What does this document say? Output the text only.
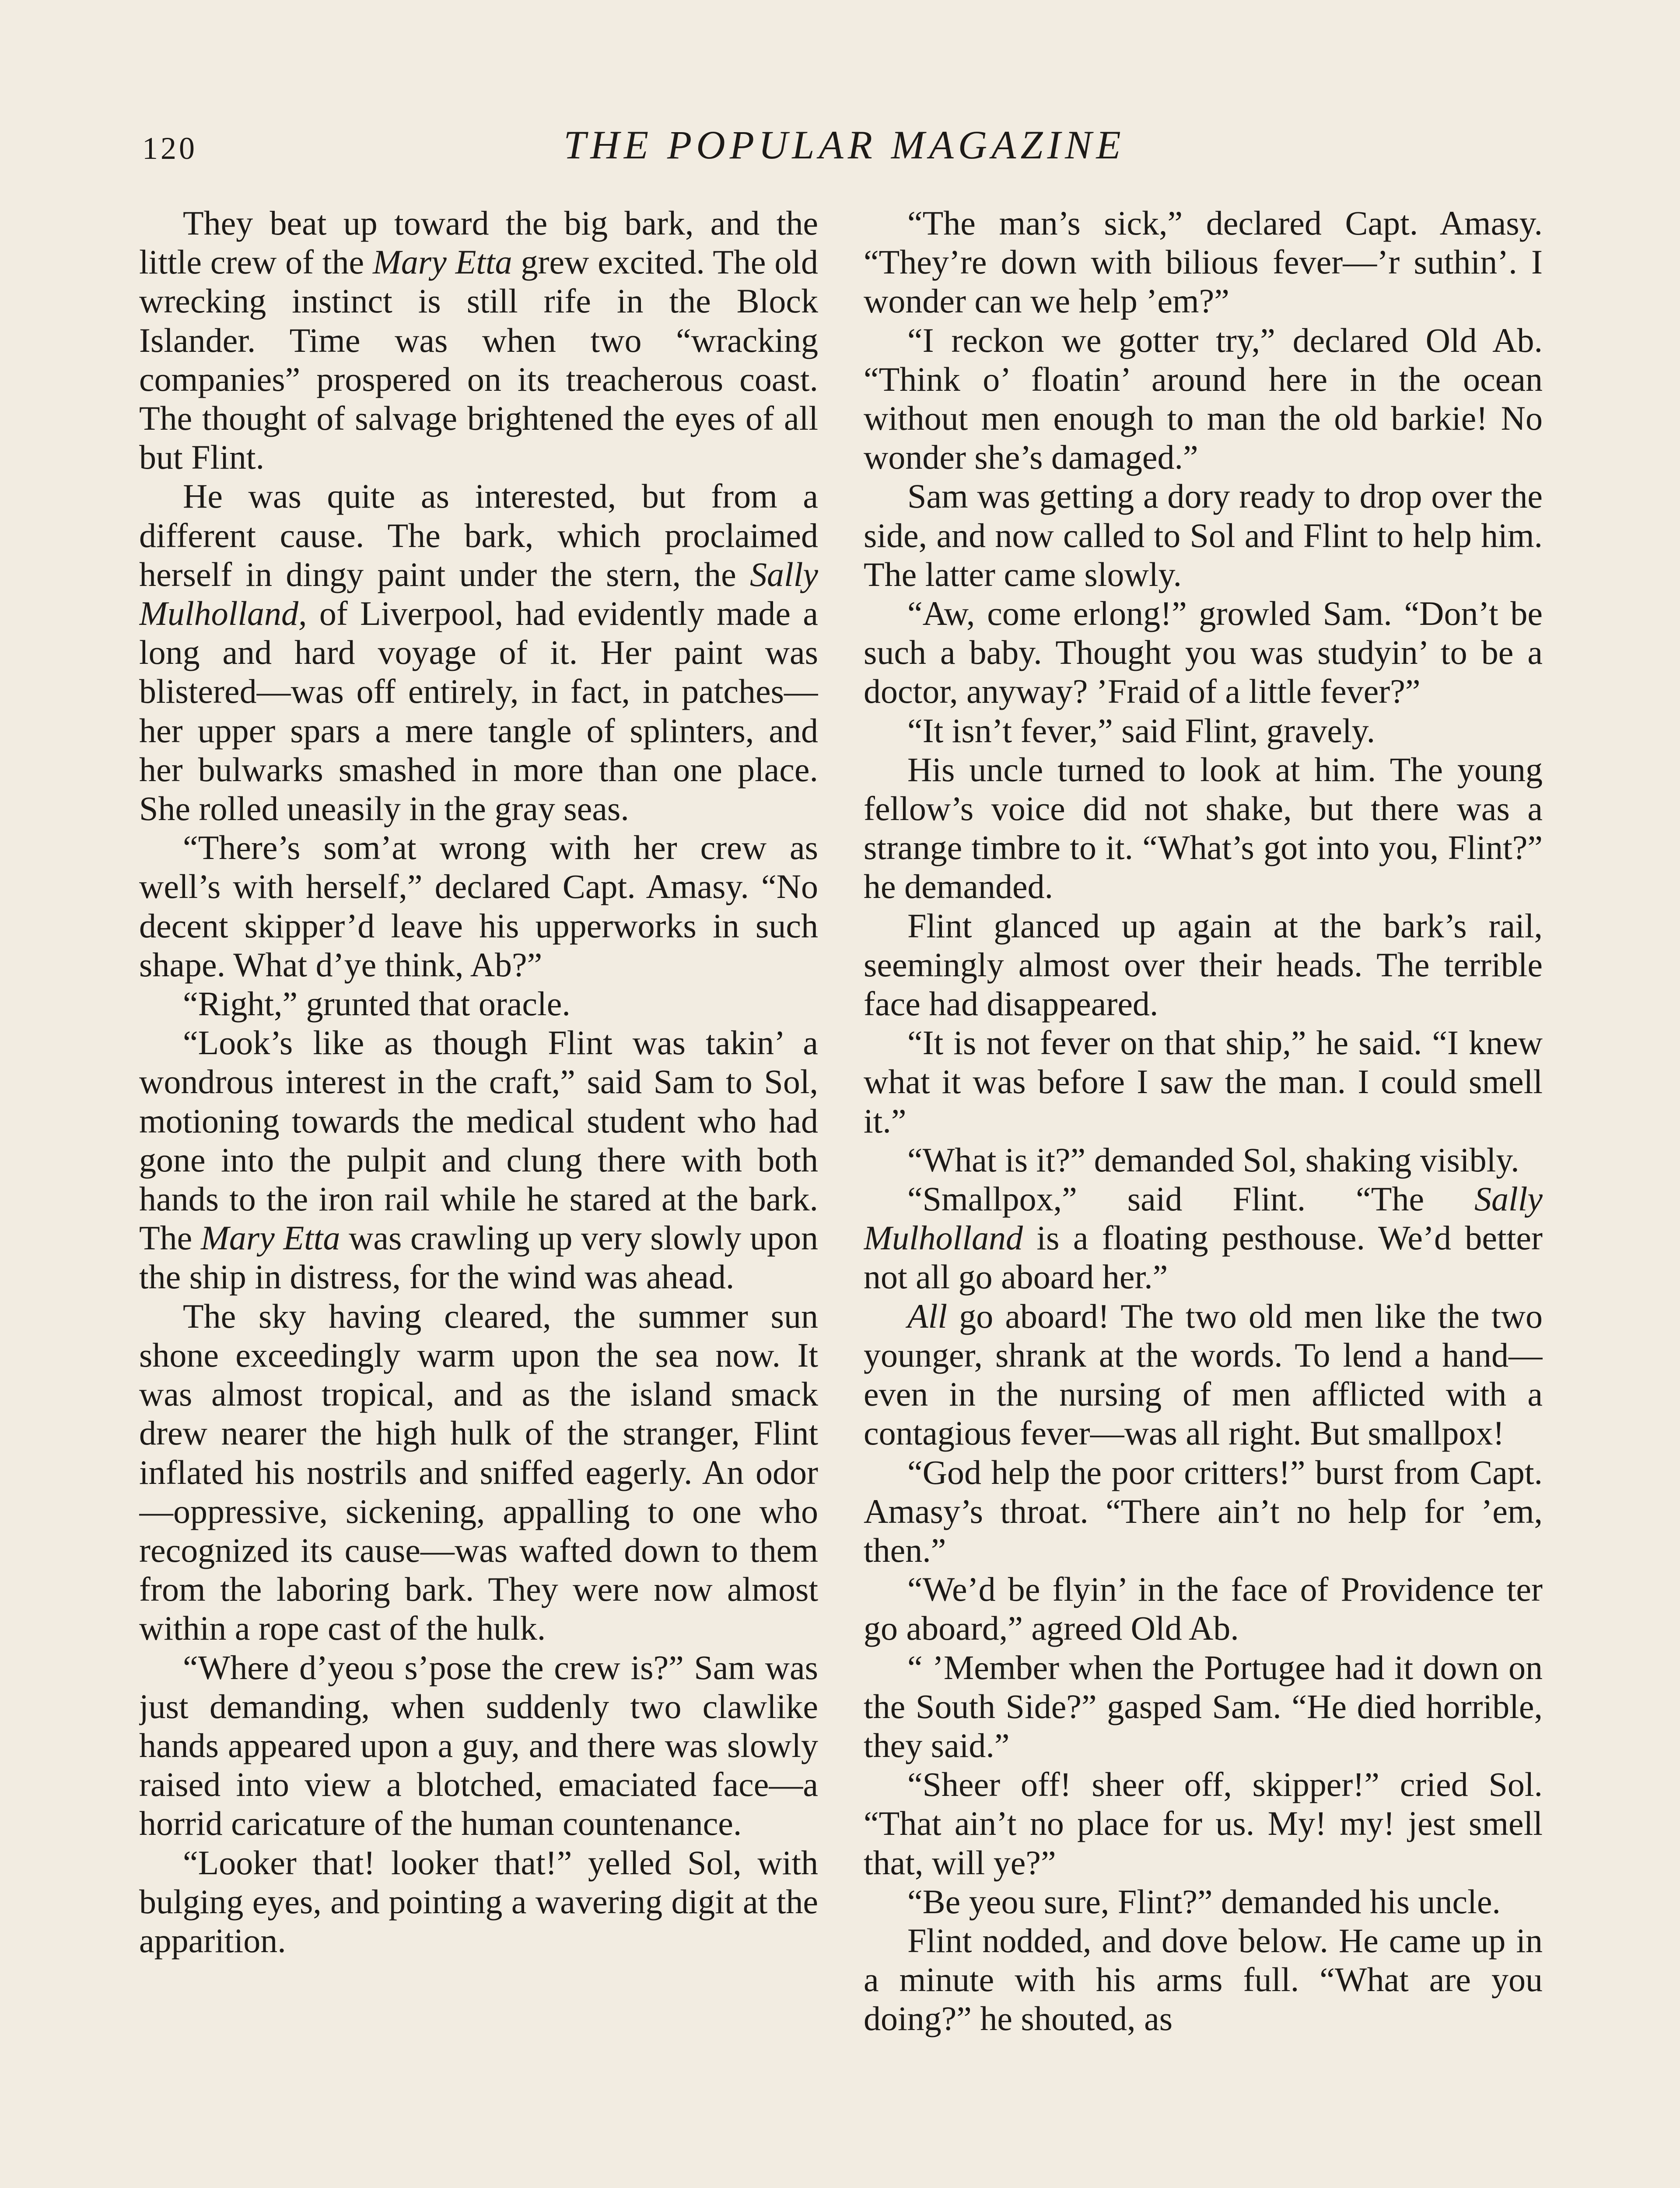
120	THE POPULAR MAGAZINE

They beat up toward the big bark, and the little crew of the Mary Etta grew excited. The old wrecking instinct is still rife in the Block Islander. Time was when two “wracking companies” prospered on its treacherous coast. The thought of salvage brightened the eyes of all but Flint.

He was quite as interested, but from a different cause. The bark, which proclaimed herself in dingy paint under the stern, the Sally Mulholland, of Liverpool, had evidently made a long and hard voyage of it. Her paint was blistered—was off entirely, in fact, in patches—her upper spars a mere tangle of splinters, and her bulwarks smashed in more than one place. She rolled uneasily in the gray seas.

“There’s som’at wrong with her crew as well’s with herself,” declared Capt. Amasy. “No decent skipper’d leave his upperworks in such shape. What d’ye think, Ab?”

“Right,” grunted that oracle.

“Look’s like as though Flint was takin’ a wondrous interest in the craft,” said Sam to Sol, motioning towards the medical student who had gone into the pulpit and clung there with both hands to the iron rail while he stared at the bark. The Mary Etta was crawling up very slowly upon the ship in distress, for the wind was ahead.

The sky having cleared, the summer sun shone exceedingly warm upon the sea now. It was almost tropical, and as the island smack drew nearer the high hulk of the stranger, Flint inflated his nostrils and sniffed eagerly. An odor—oppressive, sickening, appalling to one who recognized its cause—was wafted down to them from the laboring bark. They were now almost within a rope cast of the hulk.

“Where d’yeou s’pose the crew is?” Sam was just demanding, when suddenly two clawlike hands appeared upon a guy, and there was slowly raised into view a blotched, emaciated face—a horrid caricature of the human countenance.

“Looker that! looker that!” yelled Sol, with bulging eyes, and pointing a wavering digit at the apparition.

“The man’s sick,” declared Capt. Amasy. “They’re down with bilious fever—’r suthin’. I wonder can we help ’em?”

“I reckon we gotter try,” declared Old Ab. “Think o’ floatin’ around here in the ocean without men enough to man the old barkie! No wonder she’s damaged.”

Sam was getting a dory ready to drop over the side, and now called to Sol and Flint to help him. The latter came slowly.

“Aw, come erlong!” growled Sam. “Don’t be such a baby. Thought you was studyin’ to be a doctor, anyway? ’Fraid of a little fever?”

“It isn’t fever,” said Flint, gravely.

His uncle turned to look at him. The young fellow’s voice did not shake, but there was a strange timbre to it. “What’s got into you, Flint?” he demanded.

Flint glanced up again at the bark’s rail, seemingly almost over their heads. The terrible face had disappeared.

“It is not fever on that ship,” he said. “I knew what it was before I saw the man. I could smell it.”

“What is it?” demanded Sol, shaking visibly.

“Smallpox,” said Flint. “The Sally Mulholland is a floating pesthouse. We’d better not all go aboard her.”

All go aboard! The two old men like the two younger, shrank at the words. To lend a hand—even in the nursing of men afflicted with a contagious fever—was all right. But smallpox!

“God help the poor critters!” burst from Capt. Amasy’s throat. “There ain’t no help for ’em, then.”

“We’d be flyin’ in the face of Providence ter go aboard,” agreed Old Ab.

“ ’Member when the Portugee had it down on the South Side?” gasped Sam. “He died horrible, they said.”

“Sheer off! sheer off, skipper!” cried Sol. “That ain’t no place for us. My! my! jest smell that, will ye?”

“Be yeou sure, Flint?” demanded his uncle.

Flint nodded, and dove below. He came up in a minute with his arms full. “What are you doing?” he shouted, as
